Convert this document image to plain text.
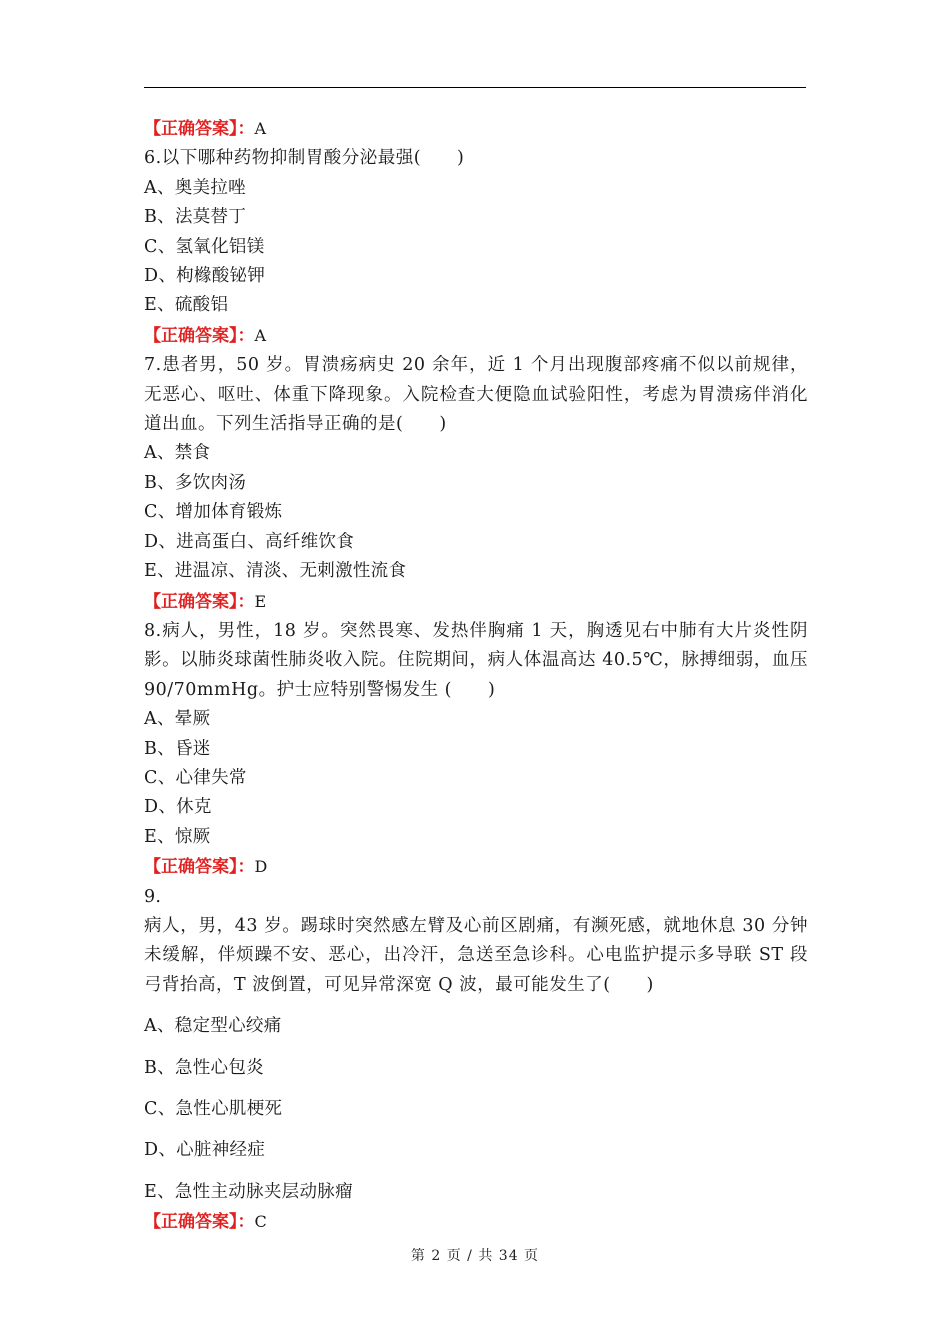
【正确答案】：A
6.以下哪种药物抑制胃酸分泌最强(　　)
A、奥美拉唑
B、法莫替丁
C、氢氧化铝镁
D、枸橼酸铋钾
E、硫酸铝
【正确答案】：A
7.患者男，50 岁。胃溃疡病史 20 余年，近 1 个月出现腹部疼痛不似以前规律，无恶心、呕吐、体重下降现象。入院检查大便隐血试验阳性，考虑为胃溃疡伴消化道出血。下列生活指导正确的是(　　)
A、禁食
B、多饮肉汤
C、增加体育锻炼
D、进高蛋白、高纤维饮食
E、进温凉、清淡、无刺激性流食
【正确答案】：E
8.病人，男性，18 岁。突然畏寒、发热伴胸痛 1 天，胸透见右中肺有大片炎性阴影。以肺炎球菌性肺炎收入院。住院期间，病人体温高达 40.5℃，脉搏细弱，血压 90/70mmHg。护士应特别警惕发生 (　　)
A、晕厥
B、昏迷
C、心律失常
D、休克
E、惊厥
【正确答案】：D
9.
病人，男，43 岁。踢球时突然感左臂及心前区剧痛，有濒死感，就地休息 30 分钟未缓解，伴烦躁不安、恶心，出冷汗，急送至急诊科。心电监护提示多导联 ST 段弓背抬高，T 波倒置，可见异常深宽 Q 波，最可能发生了(　　)
A、稳定型心绞痛
B、急性心包炎
C、急性心肌梗死
D、心脏神经症
E、急性主动脉夹层动脉瘤
【正确答案】：C
第 2 页 / 共 34 页
